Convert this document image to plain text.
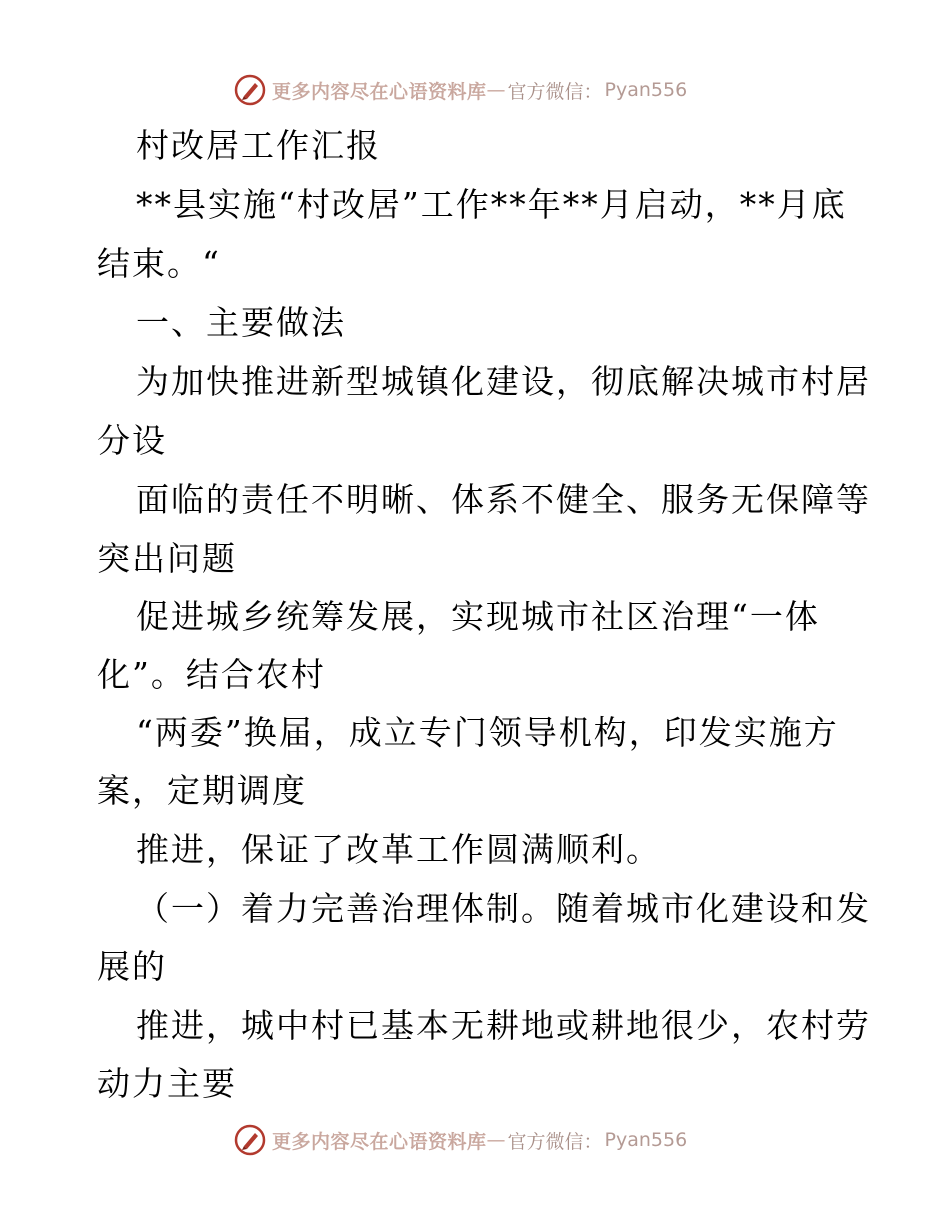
更多内容尽在心语资料库 — 官方微信： Pyan556
村改居工作汇报
**县实施“村改居”工作**年**月启动，**月底
结束。“
一、主要做法
为加快推进新型城镇化建设，彻底解决城市村居
分设
面临的责任不明晰、体系不健全、服务无保障等
突出问题
促进城乡统筹发展，实现城市社区治理“一体
化”。结合农村
“两委”换届，成立专门领导机构，印发实施方
案，定期调度
推进，保证了改革工作圆满顺利。
（一）着力完善治理体制。随着城市化建设和发
展的
推进，城中村已基本无耕地或耕地很少，农村劳
动力主要
更多内容尽在心语资料库 — 官方微信： Pyan556
